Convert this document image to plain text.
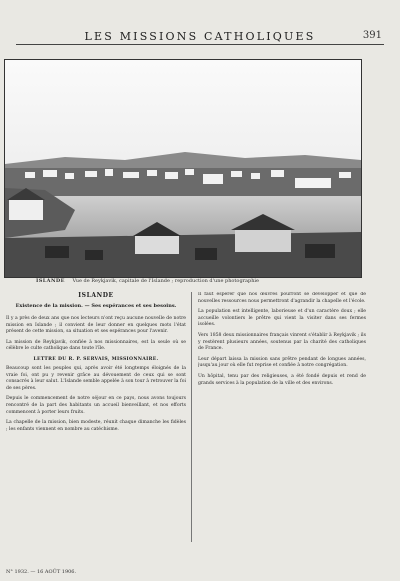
LES MISSIONS CATHOLIQUES	391
ISLANDE Vue de Reykjavik, capitale de l'Islande ; reproduction d'une photographie
ISLANDE
Existence de la mission. — Ses espérances et ses besoins.

Il y a près de deux ans que nos lecteurs n'ont reçu aucune nouvelle de notre mission en Islande ; il convient de leur donner en quelques mots l'état présent de cette mission, sa situation et ses espérances pour l'avenir.

La mission de Reykjavik, confiée à nos missionnaires, est la seule où se célèbre le culte catholique dans toute l'île.

LETTRE DU R. P. SERVAIS, MISSIONNAIRE.

Beaucoup sont les peuples qui, après avoir été longtemps éloignés de la vraie foi, ont pu y revenir grâce au dévouement de ceux qui se sont consacrés à leur salut. L'Islande semble appelée à son tour à retrouver la foi de ses pères.

Depuis le commencement de notre séjour en ce pays, nous avons toujours rencontré de la part des habitants un accueil bienveillant, et nos efforts commencent à porter leurs fruits.

La chapelle de la mission, bien modeste, réunit chaque dimanche les fidèles ; les enfants viennent en nombre au catéchisme.

Il faut espérer que nos œuvres pourront se développer et que de nouvelles ressources nous permettront d'agrandir la chapelle et l'école.

La population est intelligente, laborieuse et d'un caractère doux ; elle accueille volontiers le prêtre qui vient la visiter dans ses fermes isolées.

Vers 1858 deux missionnaires français vinrent s'établir à Reykjavik ; ils y restèrent plusieurs années, soutenus par la charité des catholiques de France.

Leur départ laissa la mission sans prêtre pendant de longues années, jusqu'au jour où elle fut reprise et confiée à notre congrégation.

Un hôpital, tenu par des religieuses, a été fondé depuis et rend de grands services à la population de la ville et des environs.

N° 1932. — 16 AOÛT 1906.
